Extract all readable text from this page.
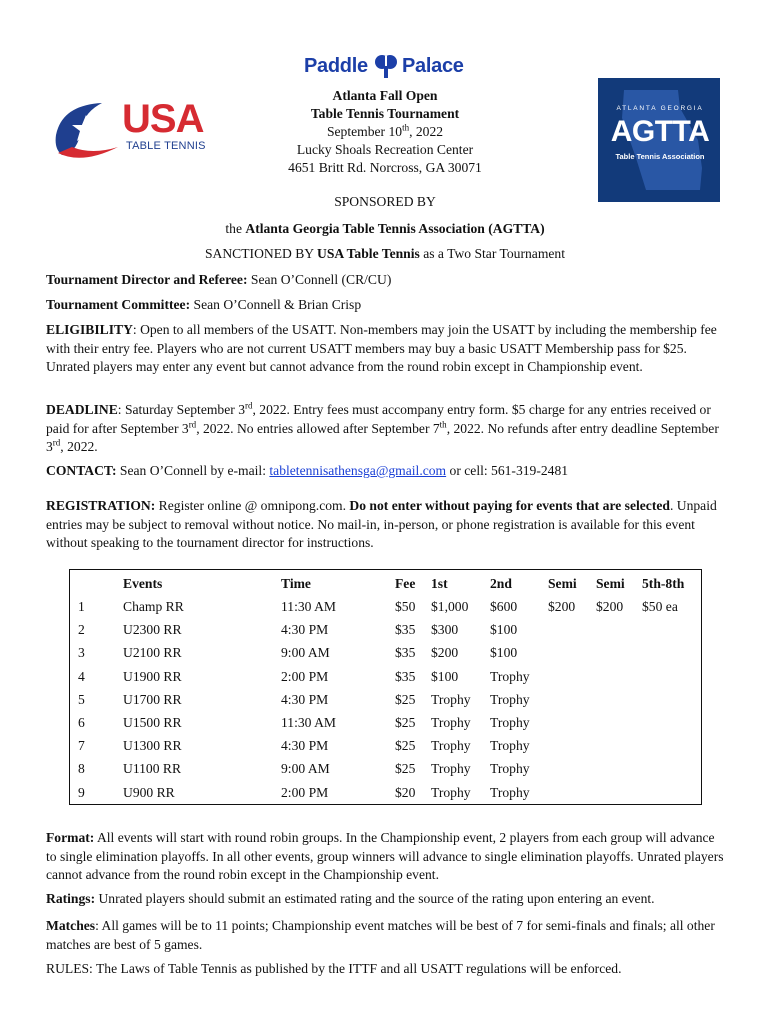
Paddle Palace
USA
TABLE TENNIS
ATLANTA GEORGIA
AGTTA
Table Tennis Association
Atlanta Fall Open
Table Tennis Tournament
September 10th, 2022
Lucky Shoals Recreation Center
4651 Britt Rd. Norcross, GA 30071
SPONSORED BY
the Atlanta Georgia Table Tennis Association (AGTTA)
SANCTIONED BY USA Table Tennis as a Two Star Tournament

Tournament Director and Referee: Sean O’Connell (CR/CU)

Tournament Committee: Sean O’Connell & Brian Crisp

ELIGIBILITY: Open to all members of the USATT. Non-members may join the USATT by including the membership fee with their entry fee. Players who are not current USATT members may buy a basic USATT Membership pass for $25. Unrated players may enter any event but cannot advance from the round robin except in Championship event.

DEADLINE: Saturday September 3rd, 2022. Entry fees must accompany entry form. $5 charge for any entries received or paid for after September 3rd, 2022. No entries allowed after September 7th, 2022. No refunds after entry deadline September 3rd, 2022.

CONTACT: Sean O’Connell by e-mail: tabletennisathensga@gmail.com or cell: 561-319-2481

REGISTRATION: Register online @ omnipong.com. Do not enter without paying for events that are selected. Unpaid entries may be subject to removal without notice. No mail-in, in-person, or phone registration is available for this event without speaking to the tournament director for instructions.

Events	Time	Fee 1st	2nd	Semi Semi 5th-8th
1	Champ RR	11:30 AM	$50 $1,000 $600 $200 $200 $50 ea
2	U2300 RR	4:30 PM	$35 $300 $100
3	U2100 RR	9:00 AM	$35 $200 $100
4	U1900 RR	2:00 PM	$35 $100 Trophy
5	U1700 RR	4:30 PM	$25 Trophy Trophy
6	U1500 RR	11:30 AM	$25 Trophy Trophy
7	U1300 RR	4:30 PM	$25 Trophy Trophy
8	U1100 RR	9:00 AM	$25 Trophy Trophy
9	U900 RR	2:00 PM	$20 Trophy Trophy

Format: All events will start with round robin groups. In the Championship event, 2 players from each group will advance to single elimination playoffs. In all other events, group winners will advance to single elimination playoffs. Unrated players cannot advance from the round robin except in the Championship event.

Ratings: Unrated players should submit an estimated rating and the source of the rating upon entering an event.

Matches: All games will be to 11 points; Championship event matches will be best of 7 for semi-finals and finals; all other matches are best of 5 games.

RULES: The Laws of Table Tennis as published by the ITTF and all USATT regulations will be enforced.
